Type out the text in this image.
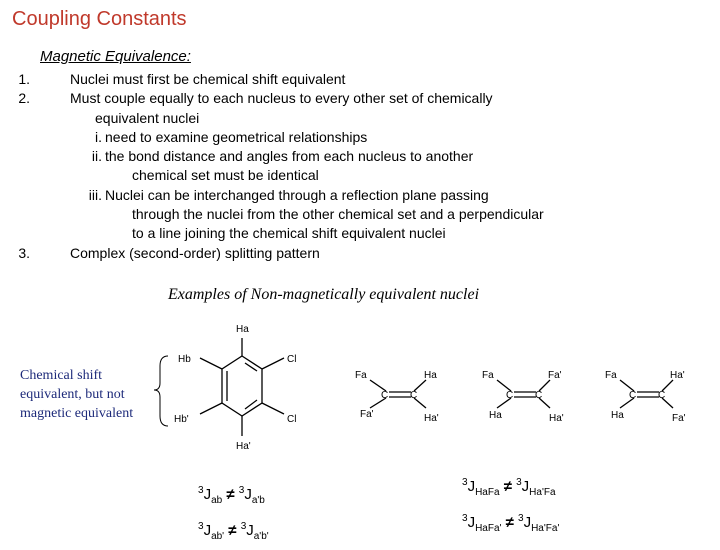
Coupling Constants
Magnetic Equivalence:
1.	Nuclei must first be chemical shift equivalent
2.	Must couple equally to each nucleus to every other set of chemically
equivalent nuclei
i. need to examine geometrical relationships
ii. the bond distance and angles from each nucleus to another
chemical set must be identical
iii. Nuclei can be interchanged through a reflection plane passing
through the nuclei from the other chemical set and a perpendicular
to a line joining the chemical shift equivalent nuclei
3.	Complex (second-order) splitting pattern
Examples of Non-magnetically equivalent nuclei
Chemical shift
equivalent, but not
magnetic equivalent
Ha
Hb	Cl
Hb'	Cl
Ha'
C C
Fa	Ha
Fa'	Ha'
C C
Fa	Fa'
Ha	Ha'
C C
Fa	Ha'
Ha	Fa'
$^3J_{ab} \ne ^3J_{a'b}$
$^3J_{ab'} \ne ^3J_{a'b'}$
$^3J_{HaFa} \ne ^3J_{Ha'Fa}$
$^3J_{HaFa'} \ne ^3J_{Ha'Fa'}$
